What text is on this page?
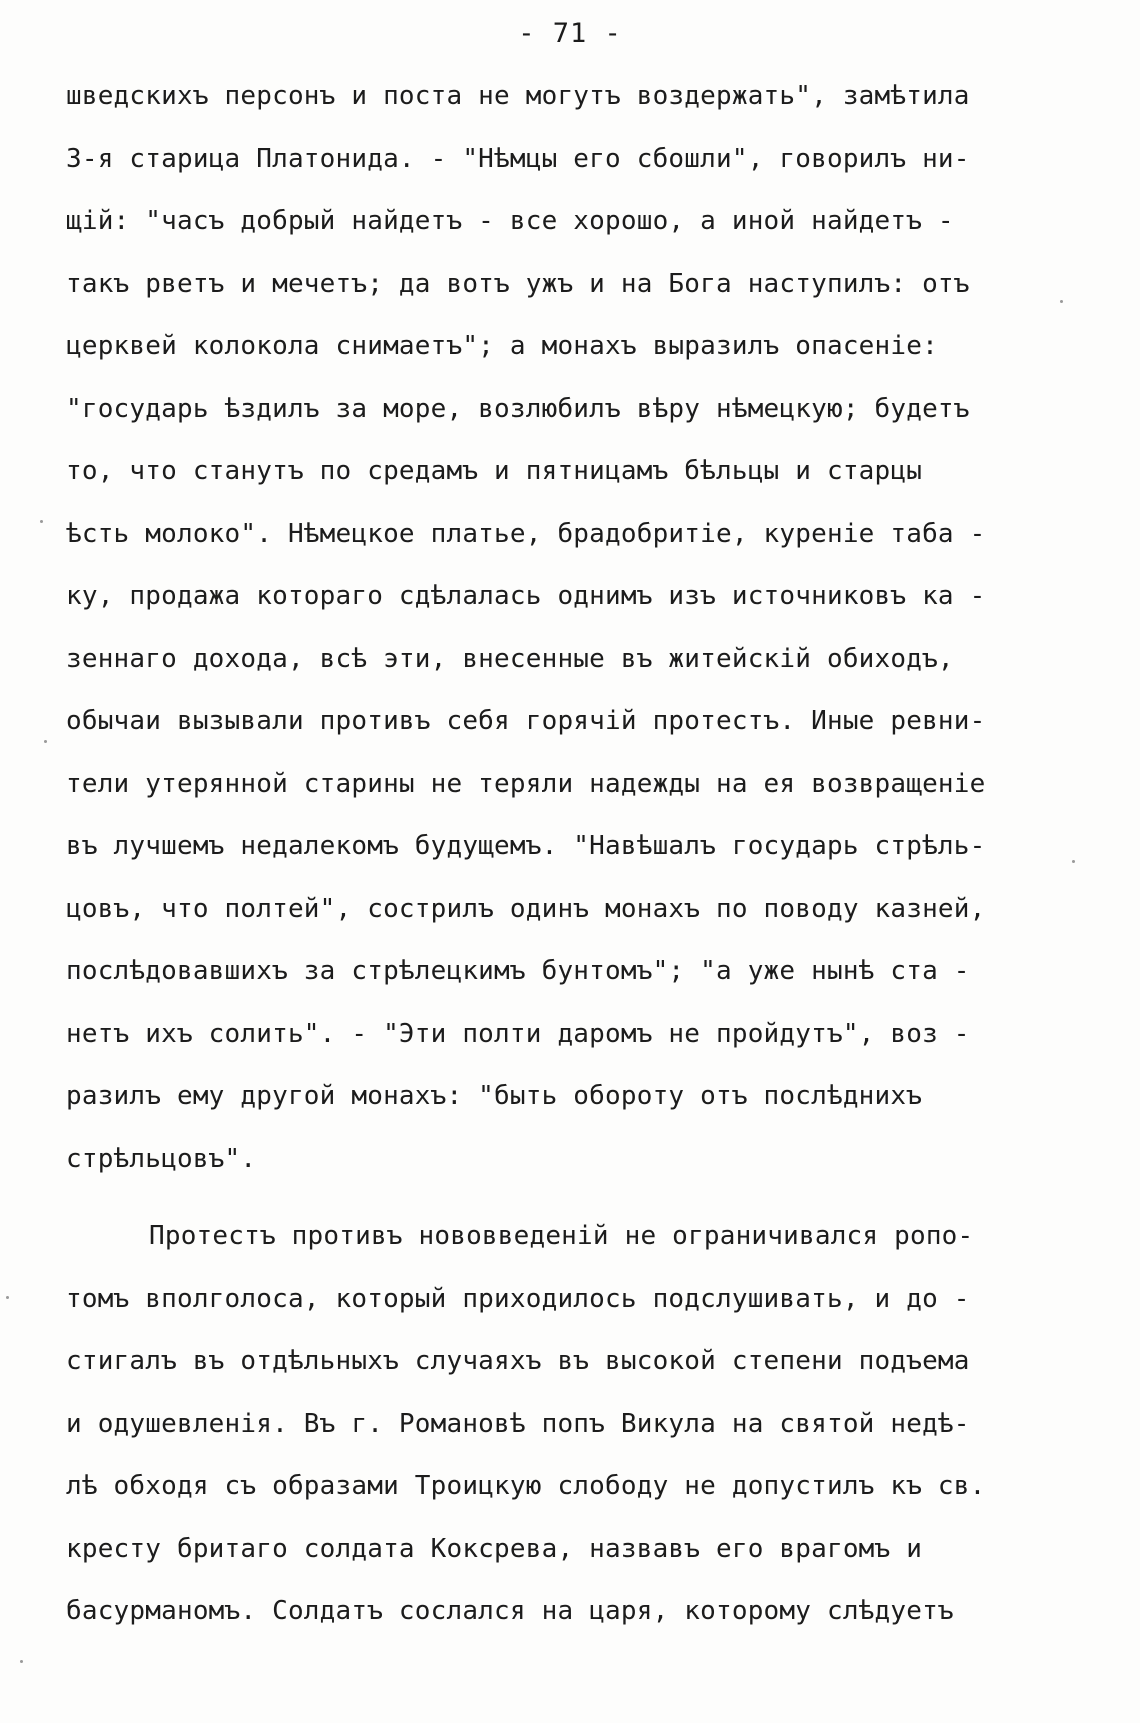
- 71 -
шведскихъ персонъ и поста не могутъ воздержать", замѣтила
3-я старица Платонида. - "Нѣмцы его сбошли", говорилъ ни-
щій: "часъ добрый найдетъ - все хорошо, а иной найдетъ -
такъ рветъ и мечетъ; да вотъ ужъ и на Бога наступилъ: отъ
церквей колокола снимаетъ"; а монахъ выразилъ опасеніе:
"государь ѣздилъ за море, возлюбилъ вѣру нѣмецкую; будетъ
то, что станутъ по средамъ и пятницамъ бѣльцы и старцы
ѣсть молоко". Нѣмецкое платье, брадобритіе, куреніе таба -
ку, продажа котораго сдѣлалась однимъ изъ источниковъ ка -
зеннаго дохода, всѣ эти, внесенные въ житейскій обиходъ,
обычаи вызывали противъ себя горячій протестъ. Иные ревни-
тели утерянной старины не теряли надежды на ея возвращеніе
въ лучшемъ недалекомъ будущемъ. "Навѣшалъ государь стрѣль-
цовъ, что полтей", сострилъ одинъ монахъ по поводу казней,
послѣдовавшихъ за стрѣлецкимъ бунтомъ"; "а уже нынѣ ста -
нетъ ихъ солить". - "Эти полти даромъ не пройдутъ", воз -
разилъ ему другой монахъ: "быть обороту отъ послѣднихъ
стрѣльцовъ".
Протестъ противъ нововведеній не ограничивался ропо-
томъ вполголоса, который приходилось подслушивать, и до -
стигалъ въ отдѣльныхъ случаяхъ въ высокой степени подъема
и одушевленія. Въ г. Романовѣ попъ Викула на святой недѣ-
лѣ обходя съ образами Троицкую слободу не допустилъ къ св.
кресту бритаго солдата Коксрева, назвавъ его врагомъ и
басурманомъ. Солдатъ сослался на царя, которому слѣдуетъ
